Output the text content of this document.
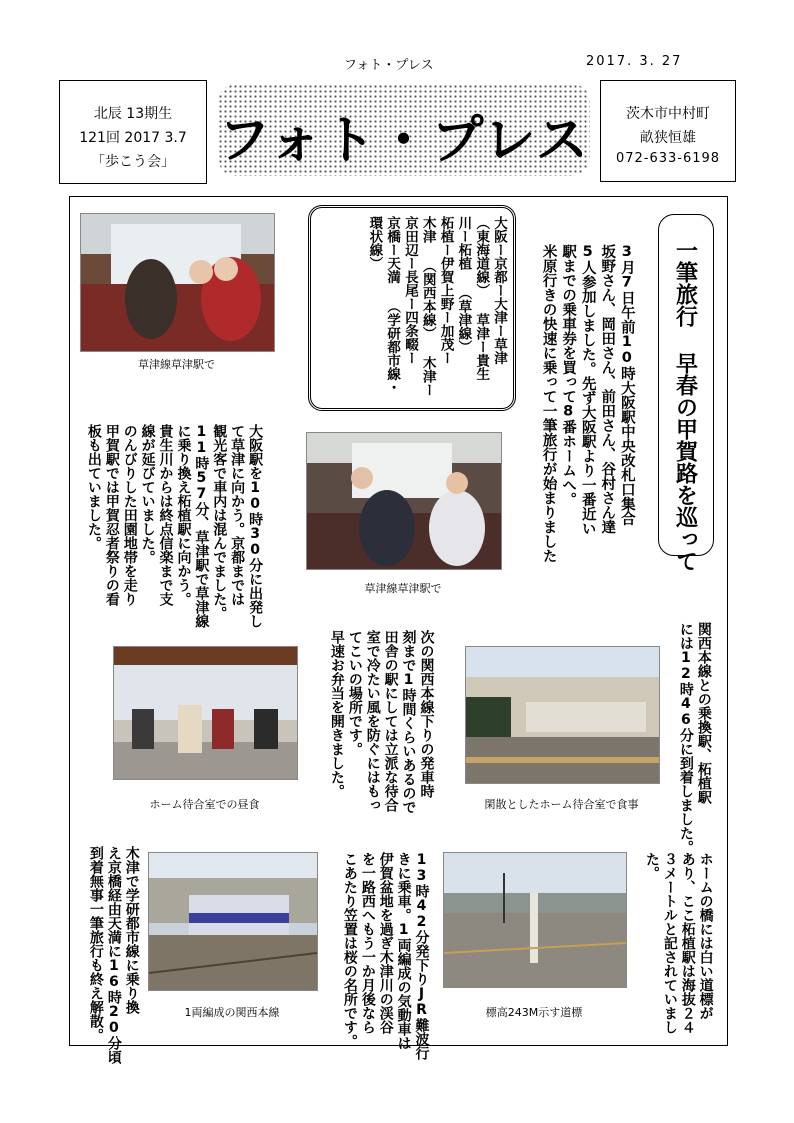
フォト・プレス	2017. 3. 27
北辰 13期生
121回 2017 3.7
「歩こう会」 フォト・プレス	茨木市中村町
畝狭恒雄
072-633-6198
一筆旅行 早春の甲賀路を巡って
3月7日午前10時大阪駅中央改札口集合
坂野さん、岡田さん、前田さん、谷村さん達
5人参加しました。先ず大阪駅より一番近い
駅までの乗車券を買って8番ホームへ。
米原行きの快速に乗って一筆旅行が始まりました
大阪ー京都ー大津ー草津
（東海道線） 草津ー貴生
川ー柘植 （草津線）
柘植ー伊賀上野ー加茂ー
木津 （関西本線） 木津ー
京田辺ー長尾ー四条畷ー
京橋ー天満 （学研都市線・
環状線）
草津線草津駅で
草津線草津駅で
大阪駅を10時30分に出発し
て草津に向かう。京都までは
観光客で車内は混んでました。
11時57分、草津駅で草津線
に乗り換え柘植駅に向かう。
貴生川からは終点信楽まで支
線が延びていました。
のんびりした田園地帯を走り
甲賀駅では甲賀忍者祭りの看
板も出ていました。
関西本線との乗換駅、柘植駅
には12時46分に到着しました。
ホーム待合室での昼食
次の関西本線下りの発車時
刻まで1時間くらいあるので
田舎の駅にしては立派な待合
室で冷たい風を防ぐにはもっ
てこいの場所です。
早速お弁当を開きました。
閑散としたホーム待合室で食事
ホームの橋には白い道標が
あり、ここ柘植駅は海抜２４
３メートルと記されていまし
た。
1両編成の関西本線
木津で学研都市線に乗り換
え京橋経由天満に16時20分頃
到着無事一筆旅行も終え解散。	13時42分発下りJR難波行
きに乗車。1両編成の気動車は
伊賀盆地を過ぎ木津川の渓谷
を一路西へもう一か月後なら
こあたり笠置は桜の名所です。	標高243M示す道標
